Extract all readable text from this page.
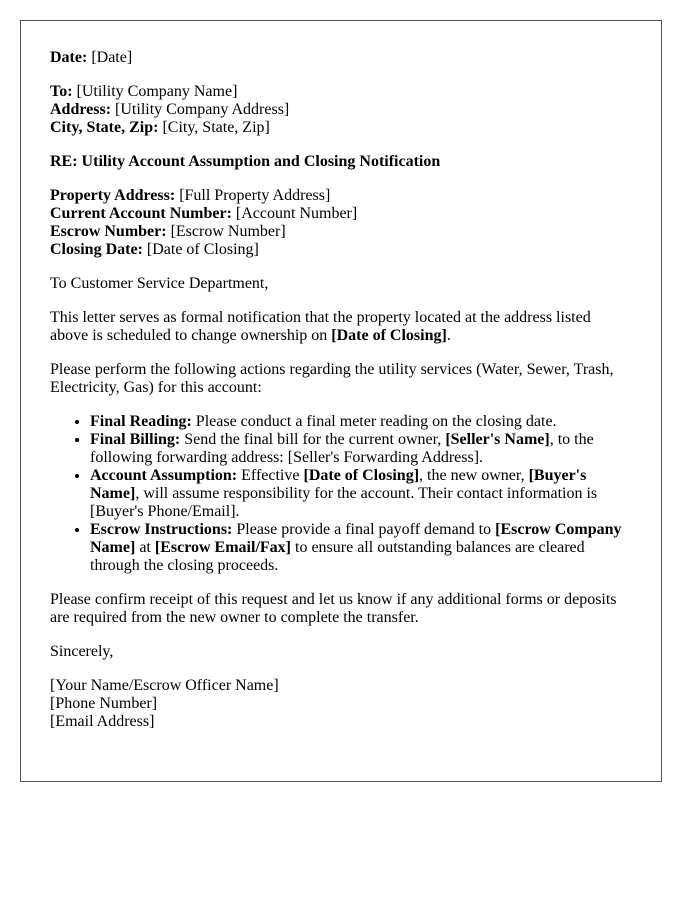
Date: [Date]

To: [Utility Company Name]
Address: [Utility Company Address]
City, State, Zip: [City, State, Zip]

RE: Utility Account Assumption and Closing Notification

Property Address: [Full Property Address]
Current Account Number: [Account Number]
Escrow Number: [Escrow Number]
Closing Date: [Date of Closing]

To Customer Service Department,

This letter serves as formal notification that the property located at the address listed above is scheduled to change ownership on [Date of Closing].

Please perform the following actions regarding the utility services (Water, Sewer, Trash, Electricity, Gas) for this account:

• Final Reading: Please conduct a final meter reading on the closing date.
• Final Billing: Send the final bill for the current owner, [Seller's Name], to the following forwarding address: [Seller's Forwarding Address].
• Account Assumption: Effective [Date of Closing], the new owner, [Buyer's Name], will assume responsibility for the account. Their contact information is [Buyer's Phone/Email].
• Escrow Instructions: Please provide a final payoff demand to [Escrow Company Name] at [Escrow Email/Fax] to ensure all outstanding balances are cleared through the closing proceeds.

Please confirm receipt of this request and let us know if any additional forms or deposits are required from the new owner to complete the transfer.

Sincerely,

[Your Name/Escrow Officer Name]
[Phone Number]
[Email Address]
